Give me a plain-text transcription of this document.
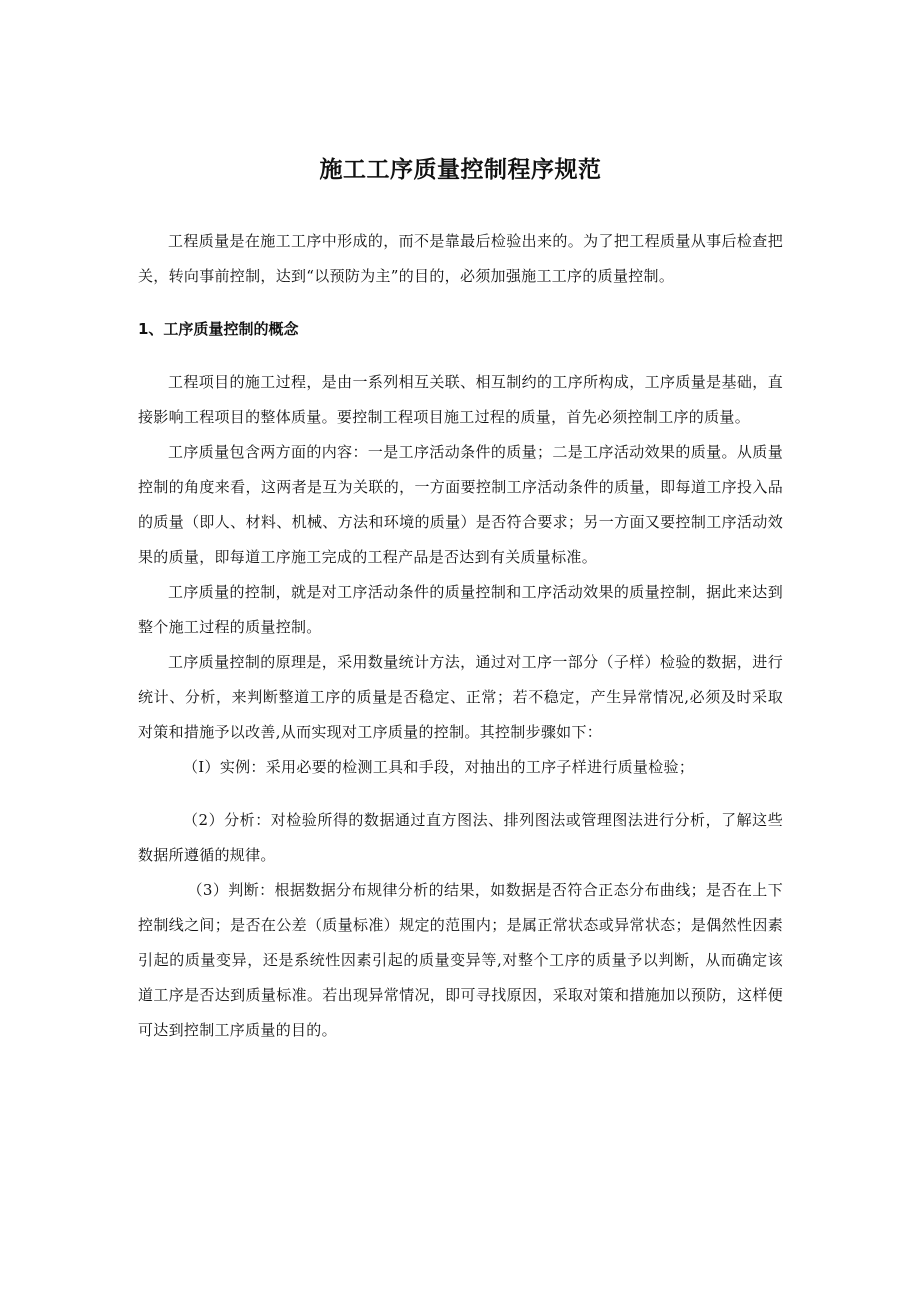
施工工序质量控制程序规范

工程质量是在施工工序中形成的，而不是靠最后检验出来的。为了把工程质量从事后检查把关，转向事前控制，达到“以预防为主”的目的，必须加强施工工序的质量控制。

1、工序质量控制的概念

工程项目的施工过程，是由一系列相互关联、相互制约的工序所构成，工序质量是基础，直接影响工程项目的整体质量。要控制工程项目施工过程的质量，首先必须控制工序的质量。

工序质量包含两方面的内容：一是工序活动条件的质量；二是工序活动效果的质量。从质量控制的角度来看，这两者是互为关联的，一方面要控制工序活动条件的质量，即每道工序投入品的质量（即人、材料、机械、方法和环境的质量）是否符合要求；另一方面又要控制工序活动效果的质量，即每道工序施工完成的工程产品是否达到有关质量标准。

工序质量的控制，就是对工序活动条件的质量控制和工序活动效果的质量控制，据此来达到整个施工过程的质量控制。

工序质量控制的原理是，采用数量统计方法，通过对工序一部分（子样）检验的数据，进行统计、分析，来判断整道工序的质量是否稳定、正常；若不稳定，产生异常情况,必须及时采取对策和措施予以改善,从而实现对工序质量的控制。其控制步骤如下：

（I）实例：采用必要的检测工具和手段，对抽出的工序子样进行质量检验；

（2）分析：对检验所得的数据通过直方图法、排列图法或管理图法进行分析，了解这些数据所遵循的规律。

（3）判断：根据数据分布规律分析的结果，如数据是否符合正态分布曲线；是否在上下控制线之间；是否在公差（质量标准）规定的范围内；是属正常状态或异常状态；是偶然性因素引起的质量变异，还是系统性因素引起的质量变异等,对整个工序的质量予以判断，从而确定该道工序是否达到质量标准。若出现异常情况，即可寻找原因，采取对策和措施加以预防，这样便可达到控制工序质量的目的。
